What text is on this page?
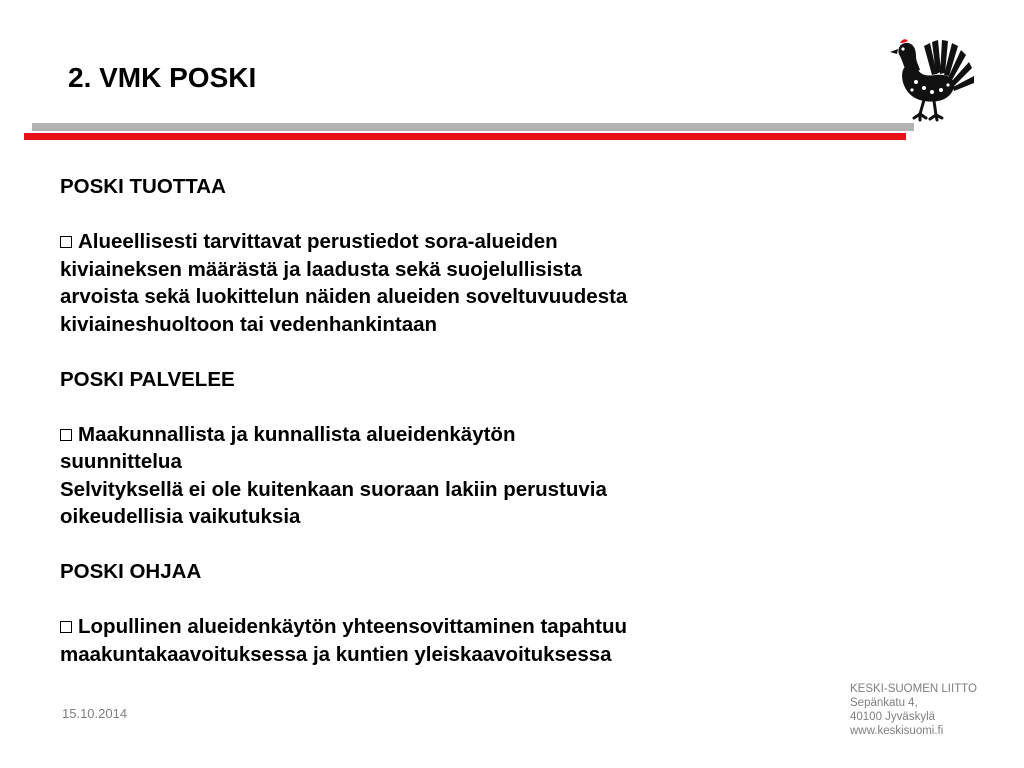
2. VMK POSKI

POSKI TUOTTAA

Alueellisesti tarvittavat perustiedot sora-alueiden

kiviaineksen määrästä ja laadusta sekä suojelullisista

arvoista sekä luokittelun näiden alueiden soveltuvuudesta

kiviaineshuoltoon tai vedenhankintaan

POSKI PALVELEE

Maakunnallista ja kunnallista alueidenkäytön

suunnittelua

Selvityksellä ei ole kuitenkaan suoraan lakiin perustuvia

oikeudellisia vaikutuksia

POSKI OHJAA

Lopullinen alueidenkäytön yhteensovittaminen tapahtuu

maakuntakaavoituksessa ja kuntien yleiskaavoituksessa

15.10.2014
KESKI-SUOMEN LIITTO
Sepänkatu 4,
40100 Jyväskylä
www.keskisuomi.fi
